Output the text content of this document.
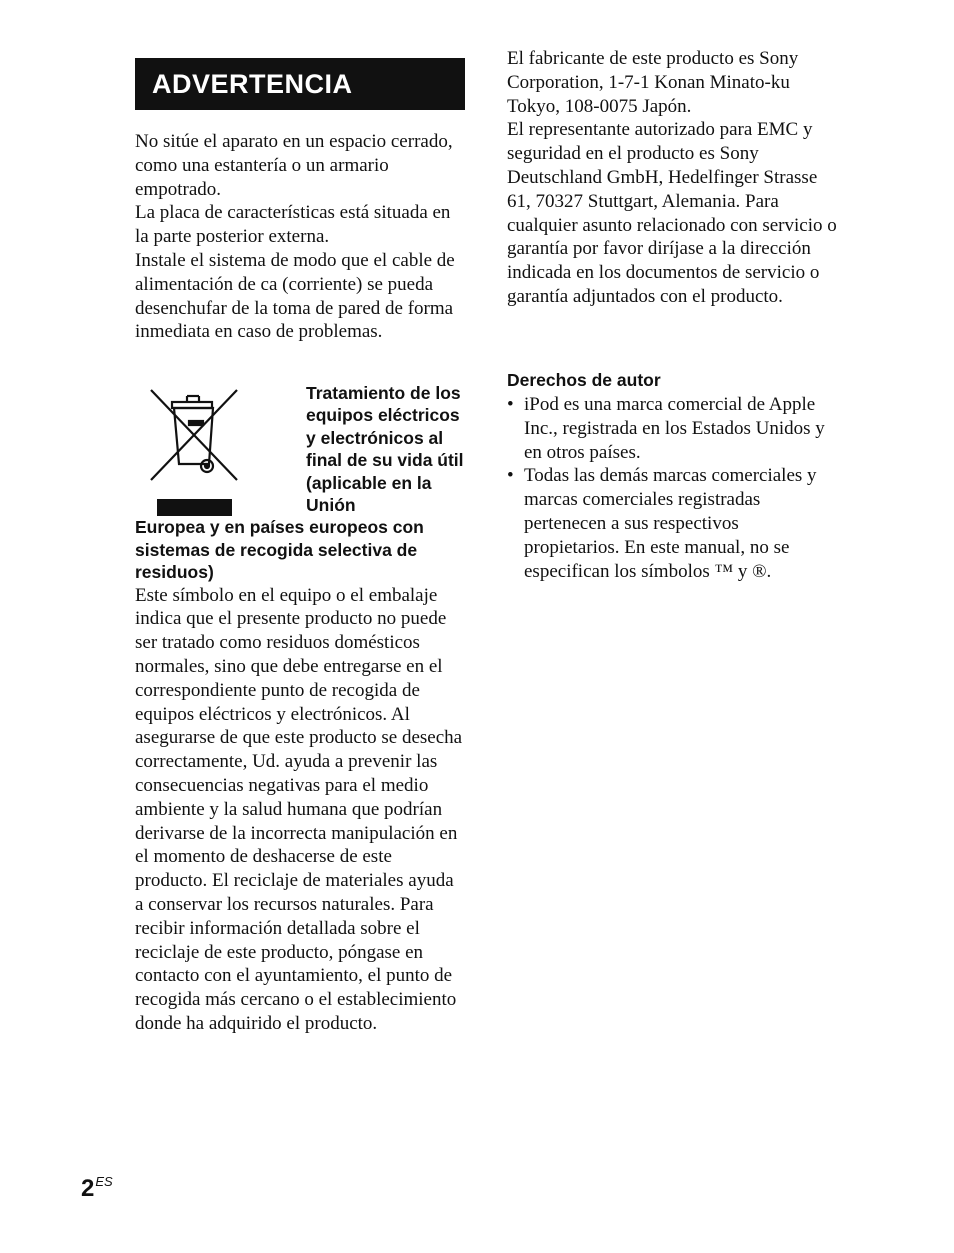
ADVERTENCIA

No sitúe el aparato en un espacio cerrado, como una estantería o un armario empotrado.

La placa de características está situada en la parte posterior externa.

Instale el sistema de modo que el cable de alimentación de ca (corriente) se pueda desenchufar de la toma de pared de forma inmediata en caso de problemas.

Tratamiento de los equipos eléctricos y electrónicos al final de su vida útil (aplicable en la Unión
Europea y en países europeos con sistemas de recogida selectiva de residuos)

Este símbolo en el equipo o el embalaje indica que el presente producto no puede ser tratado como residuos domésticos normales, sino que debe entregarse en el correspondiente punto de recogida de equipos eléctricos y electrónicos. Al asegurarse de que este producto se desecha correctamente, Ud. ayuda a prevenir las consecuencias negativas para el medio ambiente y la salud humana que podrían derivarse de la incorrecta manipulación en el momento de deshacerse de este producto. El reciclaje de materiales ayuda a conservar los recursos naturales. Para recibir información detallada sobre el reciclaje de este producto, póngase en contacto con el ayuntamiento, el punto de recogida más cercano o el establecimiento donde ha adquirido el producto.

El fabricante de este producto es Sony Corporation, 1-7-1 Konan Minato-ku Tokyo, 108-0075 Japón.

El representante autorizado para EMC y seguridad en el producto es Sony Deutschland GmbH, Hedelfinger Strasse 61, 70327 Stuttgart, Alemania. Para cualquier asunto relacionado con servicio o garantía por favor diríjase a la dirección indicada en los documentos de servicio o garantía adjuntados con el producto.

Derechos de autor
• iPod es una marca comercial de Apple Inc., registrada en los Estados Unidos y en otros países.
• Todas las demás marcas comerciales y marcas comerciales registradas pertenecen a sus respectivos propietarios. En este manual, no se especifican los símbolos ™ y ®.
$2^{ES}$
